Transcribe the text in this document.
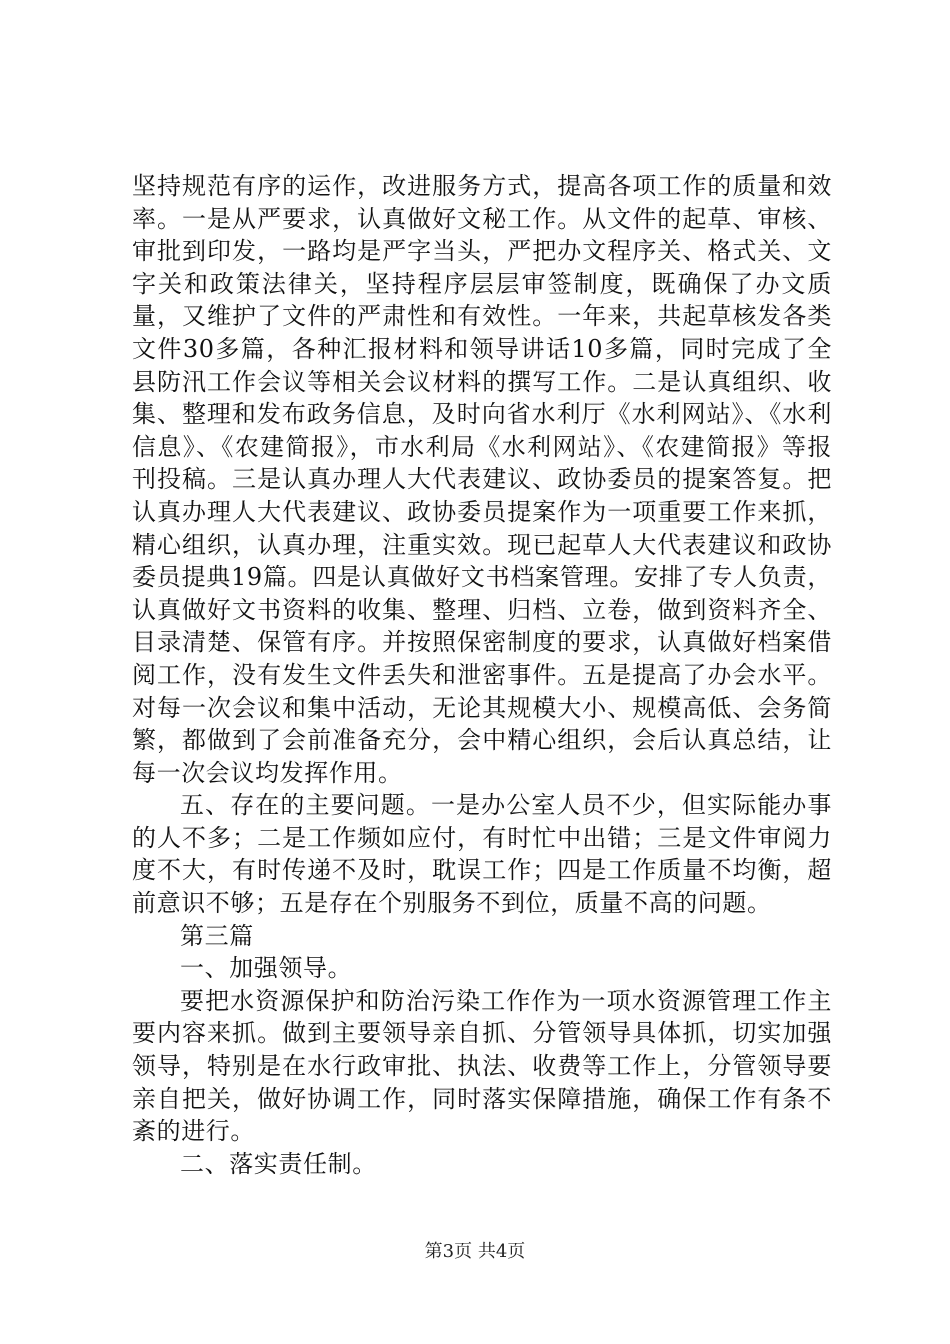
坚持规范有序的运作，改进服务方式，提高各项工作的质量和效率。一是从严要求，认真做好文秘工作。从文件的起草、审核、审批到印发，一路均是严字当头，严把办文程序关、格式关、文字关和政策法律关，坚持程序层层审签制度，既确保了办文质量，又维护了文件的严肃性和有效性。一年来，共起草核发各类文件30多篇，各种汇报材料和领导讲话10多篇，同时完成了全县防汛工作会议等相关会议材料的撰写工作。二是认真组织、收集、整理和发布政务信息，及时向省水利厅《水利网站》、《水利信息》、《农建简报》，市水利局《水利网站》、《农建简报》等报刊投稿。三是认真办理人大代表建议、政协委员的提案答复。把认真办理人大代表建议、政协委员提案作为一项重要工作来抓，精心组织，认真办理，注重实效。现已起草人大代表建议和政协委员提典19篇。四是认真做好文书档案管理。安排了专人负责，认真做好文书资料的收集、整理、归档、立卷，做到资料齐全、目录清楚、保管有序。并按照保密制度的要求，认真做好档案借阅工作，没有发生文件丢失和泄密事件。五是提高了办会水平。对每一次会议和集中活动，无论其规模大小、规模高低、会务简繁，都做到了会前准备充分，会中精心组织，会后认真总结，让每一次会议均发挥作用。

五、存在的主要问题。一是办公室人员不少，但实际能办事的人不多；二是工作频如应付，有时忙中出错；三是文件审阅力度不大，有时传递不及时，耽误工作；四是工作质量不均衡，超前意识不够；五是存在个别服务不到位，质量不高的问题。

第三篇

一、加强领导。

要把水资源保护和防治污染工作作为一项水资源管理工作主要内容来抓。做到主要领导亲自抓、分管领导具体抓，切实加强领导，特别是在水行政审批、执法、收费等工作上，分管领导要亲自把关，做好协调工作，同时落实保障措施，确保工作有条不紊的进行。

二、落实责任制。

第3页 共4页
